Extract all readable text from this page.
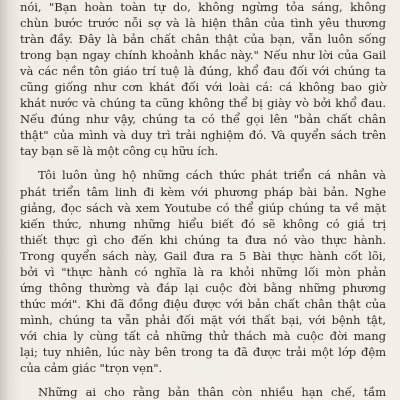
nói, "Bạn hoàn toàn tự do, không ngừng tỏa sáng, không
chùn bước trước nỗi sợ và là hiện thân của tình yêu thương
tràn đầy. Đây là bản chất chân thật của bạn, vẫn luôn sống
trong bạn ngay chính khoảnh khắc này." Nếu như lời của Gail
và các nền tôn giáo trí tuệ là đúng, khổ đau đối với chúng ta
cũng giống như cơn khát đối với loài cá: cá không bao giờ
khát nước và chúng ta cũng không thể bị giày vò bởi khổ đau.
Nếu đúng như vậy, chúng ta có thể gọi lên "bản chất chân
thật" của mình và duy trì trải nghiệm đó. Và quyển sách trên
tay bạn sẽ là một công cụ hữu ích.
Tôi luôn ủng hộ những cách thức phát triển cá nhân và
phát triển tâm linh đi kèm với phương pháp bài bản. Nghe
giảng, đọc sách và xem Youtube có thể giúp chúng ta về mặt
kiến thức, nhưng những hiểu biết đó sẽ không có giá trị
thiết thực gì cho đến khi chúng ta đưa nó vào thực hành.
Trong quyển sách này, Gail đưa ra 5 Bài thực hành cốt lõi,
bởi vì "thực hành có nghĩa là ra khỏi những lối mòn phản
ứng thông thường và đáp lại cuộc đời bằng những phương
thức mới". Khi đã đồng điệu được với bản chất chân thật của
mình, chúng ta vẫn phải đối mặt với thất bại, với bệnh tật,
với chia ly cùng tất cả những thử thách mà cuộc đời mang
lại; tuy nhiên, lúc này bên trong ta đã được trải một lớp đệm
của cảm giác "trọn vẹn".
Những ai cho rằng bản thân còn nhiều hạn chế, tầm
